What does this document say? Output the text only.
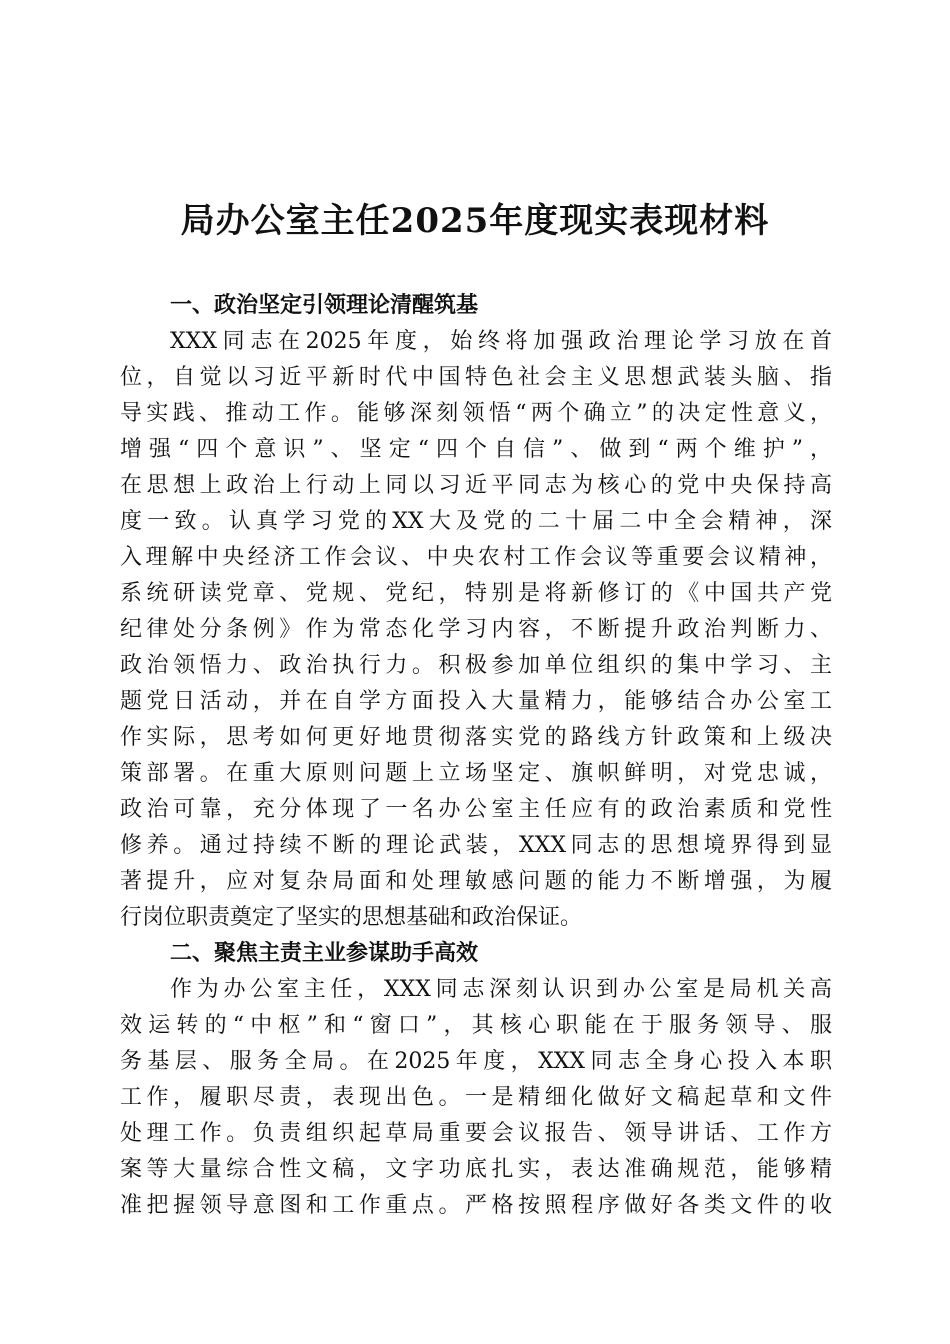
局办公室主任2025年度现实表现材料
一、政治坚定引领理论清醒筑基

XXX同志在2025年度，始终将加强政治理论学习放在首
位，自觉以习近平新时代中国特色社会主义思想武装头脑、指
导实践、推动工作。能够深刻领悟“两个确立”的决定性意义，
增强“四个意识”、坚定“四个自信”、做到“两个维护”，
在思想上政治上行动上同以习近平同志为核心的党中央保持高
度一致。认真学习党的XX大及党的二十届二中全会精神，深
入理解中央经济工作会议、中央农村工作会议等重要会议精神，
系统研读党章、党规、党纪，特别是将新修订的《中国共产党
纪律处分条例》作为常态化学习内容，不断提升政治判断力、
政治领悟力、政治执行力。积极参加单位组织的集中学习、主
题党日活动，并在自学方面投入大量精力，能够结合办公室工
作实际，思考如何更好地贯彻落实党的路线方针政策和上级决
策部署。在重大原则问题上立场坚定、旗帜鲜明，对党忠诚，
政治可靠，充分体现了一名办公室主任应有的政治素质和党性
修养。通过持续不断的理论武装，XXX同志的思想境界得到显
著提升，应对复杂局面和处理敏感问题的能力不断增强，为履
行岗位职责奠定了坚实的思想基础和政治保证。

二、聚焦主责主业参谋助手高效

作为办公室主任，XXX同志深刻认识到办公室是局机关高
效运转的“中枢”和“窗口”，其核心职能在于服务领导、服
务基层、服务全局。在2025年度，XXX同志全身心投入本职
工作，履职尽责，表现出色。一是精细化做好文稿起草和文件
处理工作。负责组织起草局重要会议报告、领导讲话、工作方
案等大量综合性文稿，文字功底扎实，表达准确规范，能够精
准把握领导意图和工作重点。严格按照程序做好各类文件的收
